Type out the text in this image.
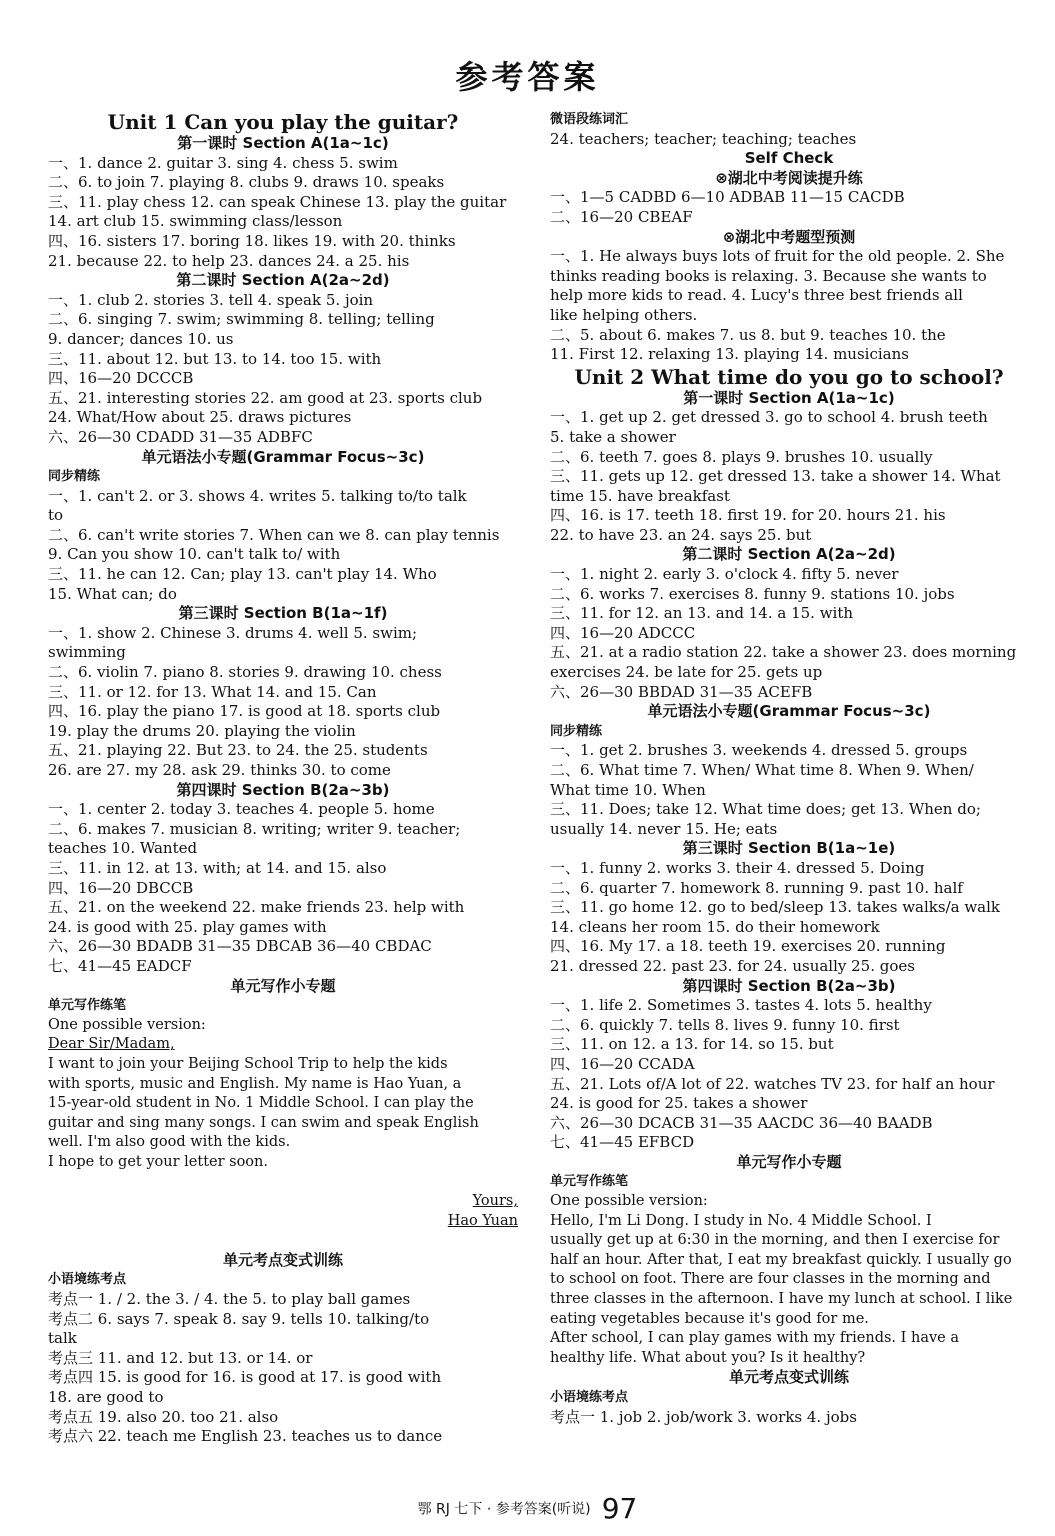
参考答案
Unit 1 Can you play the guitar?
第一课时 Section A(1a~1c)
一、1. dance 2. guitar 3. sing 4. chess 5. swim
二、6. to join 7. playing 8. clubs 9. draws 10. speaks
三、11. play chess 12. can speak Chinese 13. play the guitar
14. art club 15. swimming class/lesson
四、16. sisters 17. boring 18. likes 19. with 20. thinks
21. because 22. to help 23. dances 24. a 25. his
第二课时 Section A(2a~2d)
一、1. club 2. stories 3. tell 4. speak 5. join
二、6. singing 7. swim; swimming 8. telling; telling
9. dancer; dances 10. us
三、11. about 12. but 13. to 14. too 15. with
四、16—20 DCCCB
五、21. interesting stories 22. am good at 23. sports club
24. What/How about 25. draws pictures
六、26—30 CDADD 31—35 ADBFC
单元语法小专题(Grammar Focus~3c)
同步精练
一、1. can't 2. or 3. shows 4. writes 5. talking to/to talk
to
二、6. can't write stories 7. When can we 8. can play tennis
9. Can you show 10. can't talk to/ with
三、11. he can 12. Can; play 13. can't play 14. Who
15. What can; do
第三课时 Section B(1a~1f)
一、1. show 2. Chinese 3. drums 4. well 5. swim;
swimming
二、6. violin 7. piano 8. stories 9. drawing 10. chess
三、11. or 12. for 13. What 14. and 15. Can
四、16. play the piano 17. is good at 18. sports club
19. play the drums 20. playing the violin
五、21. playing 22. But 23. to 24. the 25. students
26. are 27. my 28. ask 29. thinks 30. to come
第四课时 Section B(2a~3b)
一、1. center 2. today 3. teaches 4. people 5. home
二、6. makes 7. musician 8. writing; writer 9. teacher;
teaches 10. Wanted
三、11. in 12. at 13. with; at 14. and 15. also
四、16—20 DBCCB
五、21. on the weekend 22. make friends 23. help with
24. is good with 25. play games with
六、26—30 BDADB 31—35 DBCAB 36—40 CBDAC
七、41—45 EADCF
单元写作小专题
单元写作练笔
One possible version:
Dear Sir/Madam,
I want to join your Beijing School Trip to help the kids
with sports, music and English. My name is Hao Yuan, a
15-year-old student in No. 1 Middle School. I can play the
guitar and sing many songs. I can swim and speak English
well. I'm also good with the kids.
I hope to get your letter soon.
Yours,
Hao Yuan
单元考点变式训练
小语境练考点
考点一 1. / 2. the 3. / 4. the 5. to play ball games
考点二 6. says 7. speak 8. say 9. tells 10. talking/to
talk
考点三 11. and 12. but 13. or 14. or
考点四 15. is good for 16. is good at 17. is good with
18. are good to
考点五 19. also 20. too 21. also
考点六 22. teach me English 23. teaches us to dance
微语段练词汇
24. teachers; teacher; teaching; teaches
Self Check
⊗湖北中考阅读提升练
一、1—5 CADBD 6—10 ADBAB 11—15 CACDB
二、16—20 CBEAF
⊗湖北中考题型预测
一、1. He always buys lots of fruit for the old people. 2. She
thinks reading books is relaxing. 3. Because she wants to
help more kids to read. 4. Lucy's three best friends all
like helping others.
二、5. about 6. makes 7. us 8. but 9. teaches 10. the
11. First 12. relaxing 13. playing 14. musicians
Unit 2 What time do you go to school?
第一课时 Section A(1a~1c)
一、1. get up 2. get dressed 3. go to school 4. brush teeth
5. take a shower
二、6. teeth 7. goes 8. plays 9. brushes 10. usually
三、11. gets up 12. get dressed 13. take a shower 14. What
time 15. have breakfast
四、16. is 17. teeth 18. first 19. for 20. hours 21. his
22. to have 23. an 24. says 25. but
第二课时 Section A(2a~2d)
一、1. night 2. early 3. o'clock 4. fifty 5. never
二、6. works 7. exercises 8. funny 9. stations 10. jobs
三、11. for 12. an 13. and 14. a 15. with
四、16—20 ADCCC
五、21. at a radio station 22. take a shower 23. does morning
exercises 24. be late for 25. gets up
六、26—30 BBDAD 31—35 ACEFB
单元语法小专题(Grammar Focus~3c)
同步精练
一、1. get 2. brushes 3. weekends 4. dressed 5. groups
二、6. What time 7. When/ What time 8. When 9. When/
What time 10. When
三、11. Does; take 12. What time does; get 13. When do;
usually 14. never 15. He; eats
第三课时 Section B(1a~1e)
一、1. funny 2. works 3. their 4. dressed 5. Doing
二、6. quarter 7. homework 8. running 9. past 10. half
三、11. go home 12. go to bed/sleep 13. takes walks/a walk
14. cleans her room 15. do their homework
四、16. My 17. a 18. teeth 19. exercises 20. running
21. dressed 22. past 23. for 24. usually 25. goes
第四课时 Section B(2a~3b)
一、1. life 2. Sometimes 3. tastes 4. lots 5. healthy
二、6. quickly 7. tells 8. lives 9. funny 10. first
三、11. on 12. a 13. for 14. so 15. but
四、16—20 CCADA
五、21. Lots of/A lot of 22. watches TV 23. for half an hour
24. is good for 25. takes a shower
六、26—30 DCACB 31—35 AACDC 36—40 BAADB
七、41—45 EFBCD
单元写作小专题
单元写作练笔
One possible version:
Hello, I'm Li Dong. I study in No. 4 Middle School. I
usually get up at 6:30 in the morning, and then I exercise for
half an hour. After that, I eat my breakfast quickly. I usually go
to school on foot. There are four classes in the morning and
three classes in the afternoon. I have my lunch at school. I like
eating vegetables because it's good for me.
After school, I can play games with my friends. I have a
healthy life. What about you? Is it healthy?
单元考点变式训练
小语境练考点
考点一 1. job 2. job/work 3. works 4. jobs
鄂 RJ 七下 · 参考答案(听说) 97
